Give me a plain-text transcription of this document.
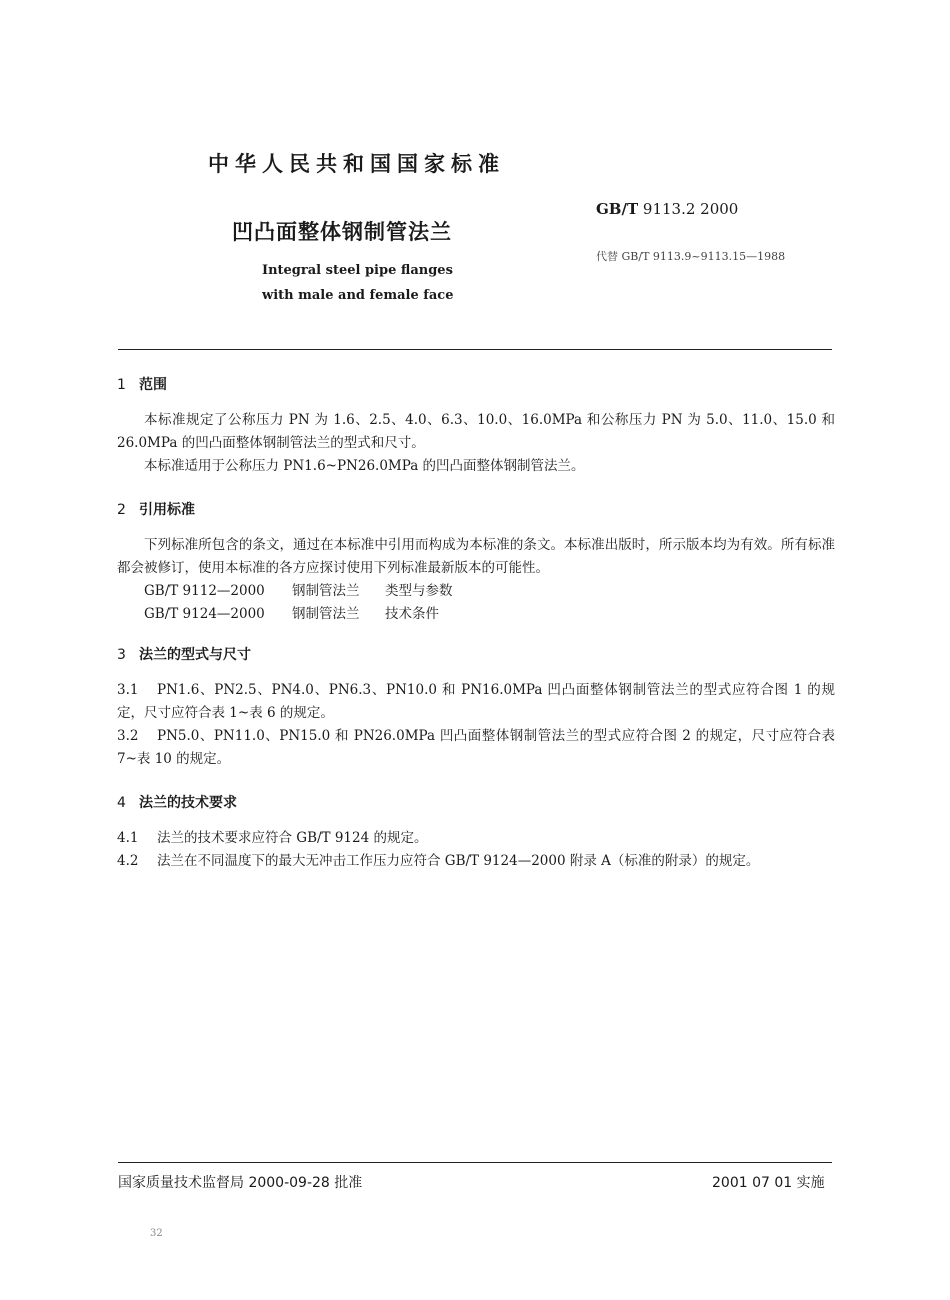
中华人民共和国国家标准
GB/T 9113.2 2000
凹凸面整体钢制管法兰
代替 GB/T 9113.9~9113.15—1988
Integral steel pipe flanges
with male and female face

1 范围

本标准规定了公称压力 PN 为 1.6、2.5、4.0、6.3、10.0、16.0MPa 和公称压力 PN 为 5.0、11.0、15.0 和 26.0MPa 的凹凸面整体钢制管法兰的型式和尺寸。

本标准适用于公称压力 PN1.6~PN26.0MPa 的凹凸面整体钢制管法兰。

2 引用标准

下列标准所包含的条文，通过在本标准中引用而构成为本标准的条文。本标准出版时，所示版本均为有效。所有标准都会被修订，使用本标准的各方应探讨使用下列标准最新版本的可能性。

GB/T 9112—2000 钢制管法兰 类型与参数

GB/T 9124—2000 钢制管法兰 技术条件

3 法兰的型式与尺寸

3.1 PN1.6、PN2.5、PN4.0、PN6.3、PN10.0 和 PN16.0MPa 凹凸面整体钢制管法兰的型式应符合图 1 的规定，尺寸应符合表 1~表 6 的规定。

3.2 PN5.0、PN11.0、PN15.0 和 PN26.0MPa 凹凸面整体钢制管法兰的型式应符合图 2 的规定，尺寸应符合表 7~表 10 的规定。

4 法兰的技术要求

4.1 法兰的技术要求应符合 GB/T 9124 的规定。

4.2 法兰在不同温度下的最大无冲击工作压力应符合 GB/T 9124—2000 附录 A（标准的附录）的规定。

国家质量技术监督局 2000-09-28 批准	2001 07 01 实施
32
